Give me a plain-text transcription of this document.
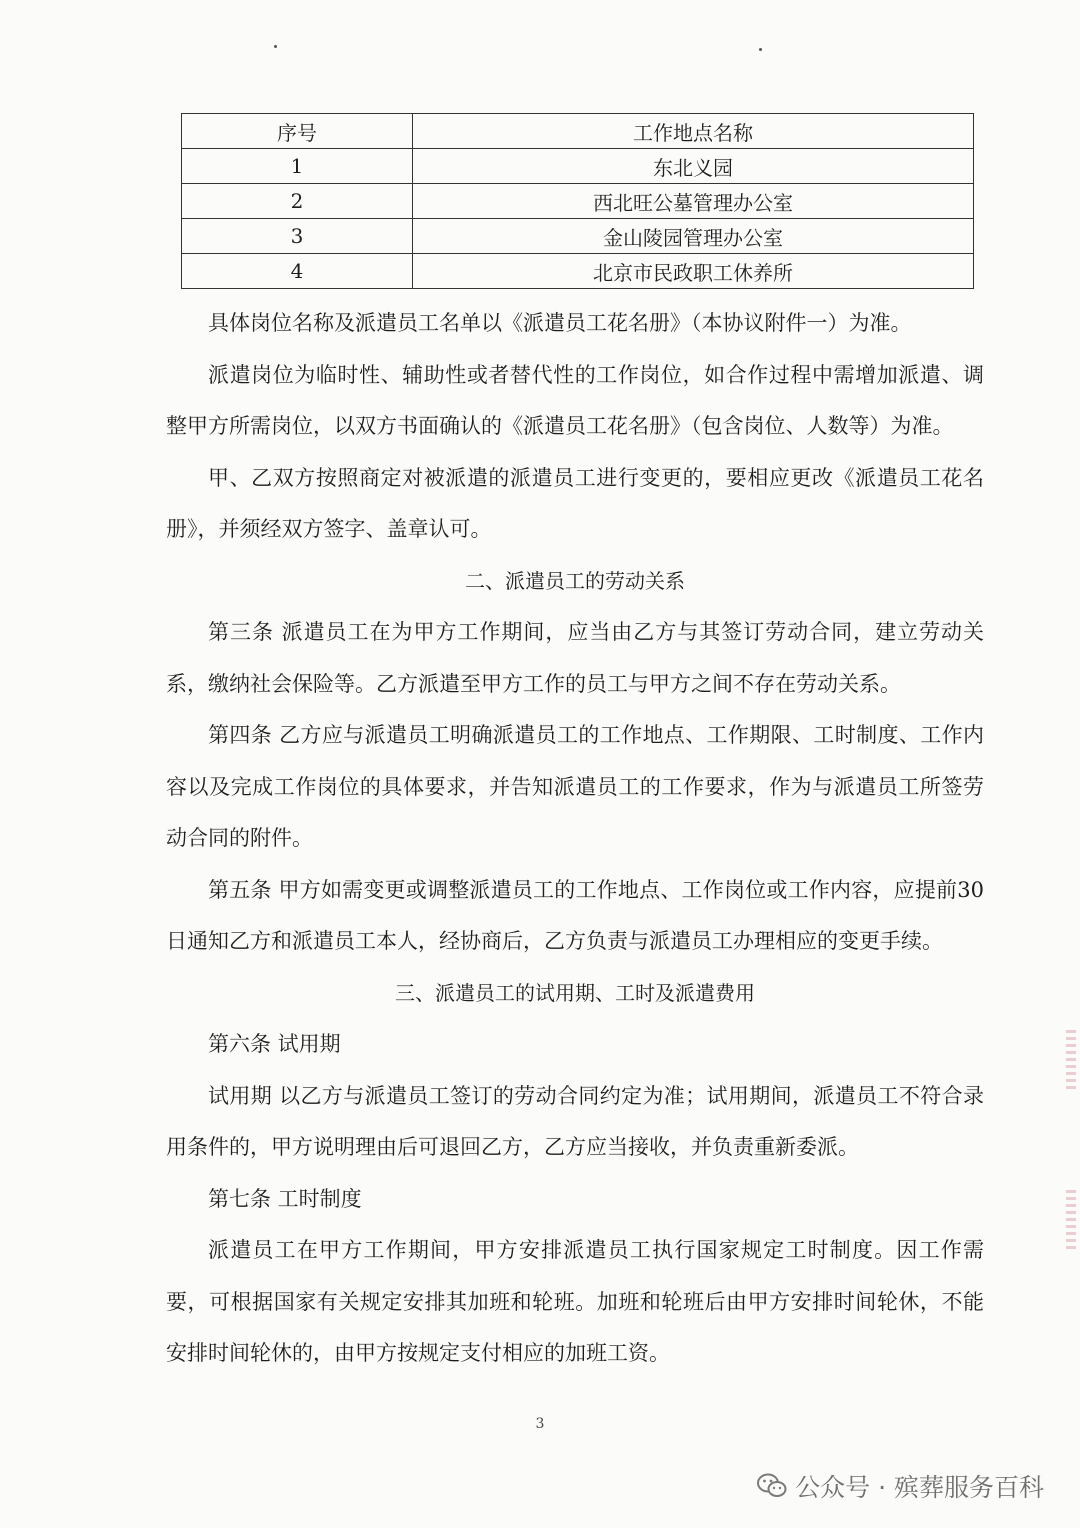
序号	工作地点名称
1	东北义园
2	西北旺公墓管理办公室
3	金山陵园管理办公室
4	北京市民政职工休养所

具体岗位名称及派遣员工名单以《派遣员工花名册》（本协议附件一）为准。

派遣岗位为临时性、辅助性或者替代性的工作岗位，如合作过程中需增加派遣、调整甲方所需岗位，以双方书面确认的《派遣员工花名册》（包含岗位、人数等）为准。

甲、乙双方按照商定对被派遣的派遣员工进行变更的，要相应更改《派遣员工花名册》，并须经双方签字、盖章认可。

二、派遣员工的劳动关系

第三条 派遣员工在为甲方工作期间，应当由乙方与其签订劳动合同，建立劳动关系，缴纳社会保险等。乙方派遣至甲方工作的员工与甲方之间不存在劳动关系。

第四条 乙方应与派遣员工明确派遣员工的工作地点、工作期限、工时制度、工作内容以及完成工作岗位的具体要求，并告知派遣员工的工作要求，作为与派遣员工所签劳动合同的附件。

第五条 甲方如需变更或调整派遣员工的工作地点、工作岗位或工作内容，应提前30日通知乙方和派遣员工本人，经协商后，乙方负责与派遣员工办理相应的变更手续。

三、派遣员工的试用期、工时及派遣费用

第六条 试用期

试用期 以乙方与派遣员工签订的劳动合同约定为准；试用期间，派遣员工不符合录用条件的，甲方说明理由后可退回乙方，乙方应当接收，并负责重新委派。

第七条 工时制度

派遣员工在甲方工作期间，甲方安排派遣员工执行国家规定工时制度。因工作需要，可根据国家有关规定安排其加班和轮班。加班和轮班后由甲方安排时间轮休，不能安排时间轮休的，由甲方按规定支付相应的加班工资。

3
公众号 · 殡葬服务百科
